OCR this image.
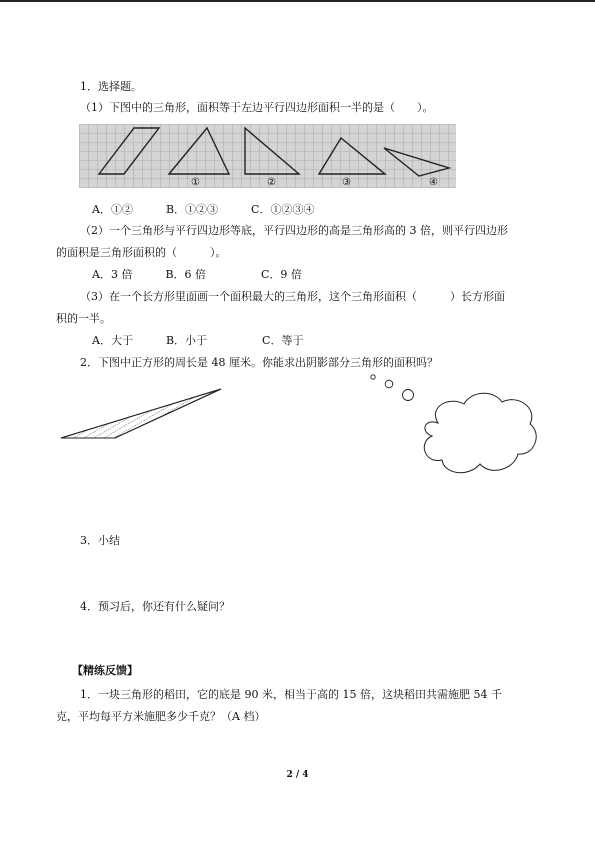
1．选择题。
（1）下图中的三角形，面积等于左边平行四边形面积一半的是（　　）。
①	②	③	④
A．①②　　　B．①②③　　　C．①②③④
（2）一个三角形与平行四边形等底，平行四边形的高是三角形高的 3 倍，则平行四边形
的面积是三角形面积的（　　　）。
A．3 倍　　　B．6 倍　　　　　C．9 倍
（3）在一个长方形里面画一个面积最大的三角形，这个三角形面积（　　　）长方形面
积的一半。
A．大于　　　B．小于　　　　　C．等于
2．下图中正方形的周长是 48 厘米。你能求出阴影部分三角形的面积吗？
3．小结
4．预习后，你还有什么疑问？
【精练反馈】
1．一块三角形的稻田，它的底是 90 米，相当于高的 15 倍，这块稻田共需施肥 54 千
克，平均每平方米施肥多少千克？（A 档）
2 / 4
